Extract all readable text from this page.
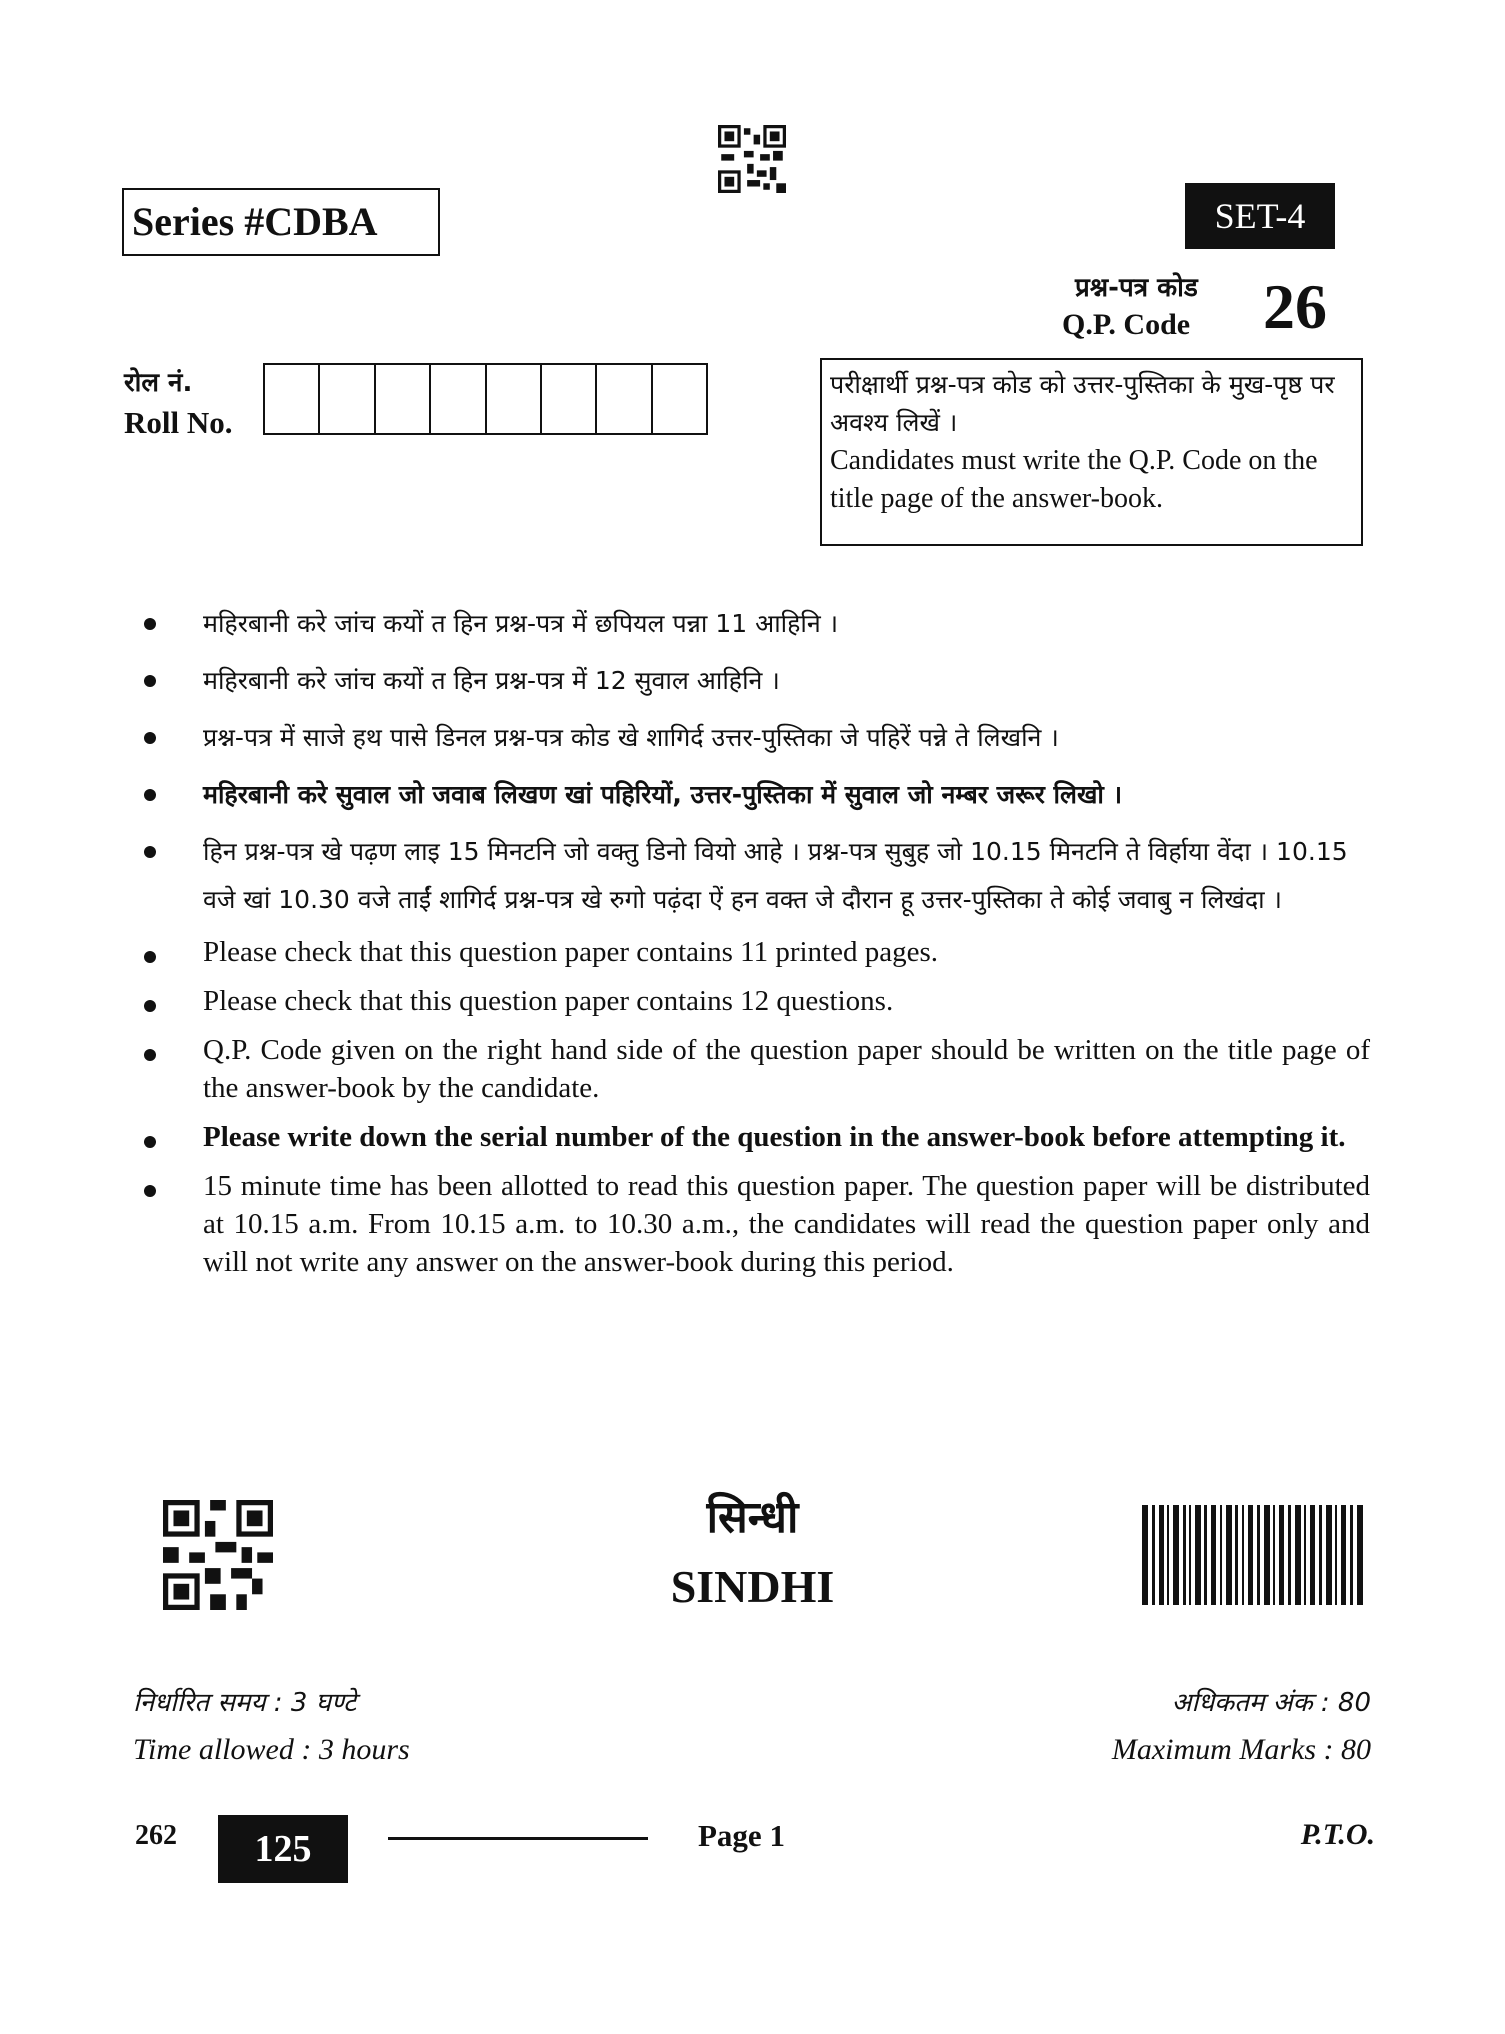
Series #CDBA	SET-4
प्रश्न-पत्र कोड
Q.P. Code 26
रोल नं.
Roll No.
परीक्षार्थी प्रश्न-पत्र कोड को उत्तर-पुस्तिका के मुख-पृष्ठ पर अवश्य लिखें ।
Candidates must write the Q.P. Code on the title page of the answer-book.
महिरबानी करे जांच कयों त हिन प्रश्न-पत्र में छपियल पन्ना 11 आहिनि ।
महिरबानी करे जांच कयों त हिन प्रश्न-पत्र में 12 सुवाल आहिनि ।
प्रश्न-पत्र में साजे हथ पासे डिनल प्रश्न-पत्र कोड खे शागिर्द उत्तर-पुस्तिका जे पहिरें पन्ने ते लिखनि ।
महिरबानी करे सुवाल जो जवाब लिखण खां पहिरियों, उत्तर-पुस्तिका में सुवाल जो नम्बर जरूर लिखो ।
हिन प्रश्न-पत्र खे पढ़ण लाइ 15 मिनटनि जो वक्तु डिनो वियो आहे । प्रश्न-पत्र सुबुह जो 10.15 मिनटनि ते विर्हाया वेंदा । 10.15 वजे खां 10.30 वजे ताईं शागिर्द प्रश्न-पत्र खे रुगो पढ़ंदा ऐं हन वक्त जे दौरान हू उत्तर-पुस्तिका ते कोई जवाबु न लिखंदा ।
Please check that this question paper contains 11 printed pages.
Please check that this question paper contains 12 questions.
Q.P. Code given on the right hand side of the question paper should be written on the title page of the answer-book by the candidate.
Please write down the serial number of the question in the answer-book before attempting it.
15 minute time has been allotted to read this question paper. The question paper will be distributed at 10.15 a.m. From 10.15 a.m. to 10.30 a.m., the candidates will read the question paper only and will not write any answer on the answer-book during this period.
सिन्धी
SINDHI
निर्धारित समय : 3 घण्टे
Time allowed : 3 hours
अधिकतम अंक : 80
Maximum Marks : 80
262	125	Page 1	P.T.O.
